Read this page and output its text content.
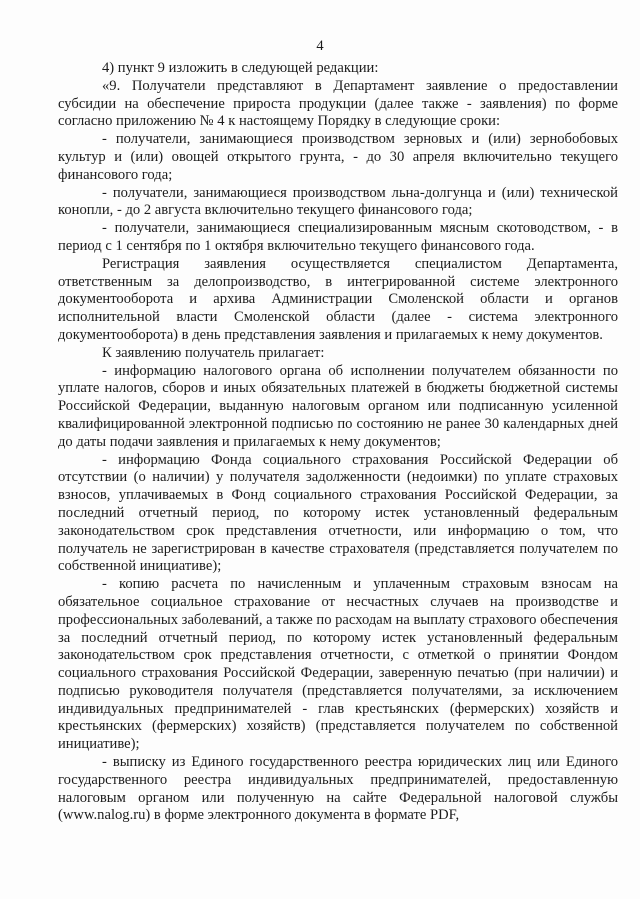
4

4) пункт 9 изложить в следующей редакции:

«9. Получатели представляют в Департамент заявление о предоставлении субсидии на обеспечение прироста продукции (далее также - заявления) по форме согласно приложению № 4 к настоящему Порядку в следующие сроки:

- получатели, занимающиеся производством зерновых и (или) зернобобовых культур и (или) овощей открытого грунта, - до 30 апреля включительно текущего финансового года;

- получатели, занимающиеся производством льна-долгунца и (или) технической конопли, - до 2 августа включительно текущего финансового года;

- получатели, занимающиеся специализированным мясным скотоводством, - в период с 1 сентября по 1 октября включительно текущего финансового года.

Регистрация заявления осуществляется специалистом Департамента, ответственным за делопроизводство, в интегрированной системе электронного документооборота и архива Администрации Смоленской области и органов исполнительной власти Смоленской области (далее - система электронного документооборота) в день представления заявления и прилагаемых к нему документов.

К заявлению получатель прилагает:

- информацию налогового органа об исполнении получателем обязанности по уплате налогов, сборов и иных обязательных платежей в бюджеты бюджетной системы Российской Федерации, выданную налоговым органом или подписанную усиленной квалифицированной электронной подписью по состоянию не ранее 30 календарных дней до даты подачи заявления и прилагаемых к нему документов;

- информацию Фонда социального страхования Российской Федерации об отсутствии (о наличии) у получателя задолженности (недоимки) по уплате страховых взносов, уплачиваемых в Фонд социального страхования Российской Федерации, за последний отчетный период, по которому истек установленный федеральным законодательством срок представления отчетности, или информацию о том, что получатель не зарегистрирован в качестве страхователя (представляется получателем по собственной инициативе);

- копию расчета по начисленным и уплаченным страховым взносам на обязательное социальное страхование от несчастных случаев на производстве и профессиональных заболеваний, а также по расходам на выплату страхового обеспечения за последний отчетный период, по которому истек установленный федеральным законодательством срок представления отчетности, с отметкой о принятии Фондом социального страхования Российской Федерации, заверенную печатью (при наличии) и подписью руководителя получателя (представляется получателями, за исключением индивидуальных предпринимателей - глав крестьянских (фермерских) хозяйств и крестьянских (фермерских) хозяйств) (представляется получателем по собственной инициативе);

- выписку из Единого государственного реестра юридических лиц или Единого государственного реестра индивидуальных предпринимателей, предоставленную налоговым органом или полученную на сайте Федеральной налоговой службы (www.nalog.ru) в форме электронного документа в формате PDF,
